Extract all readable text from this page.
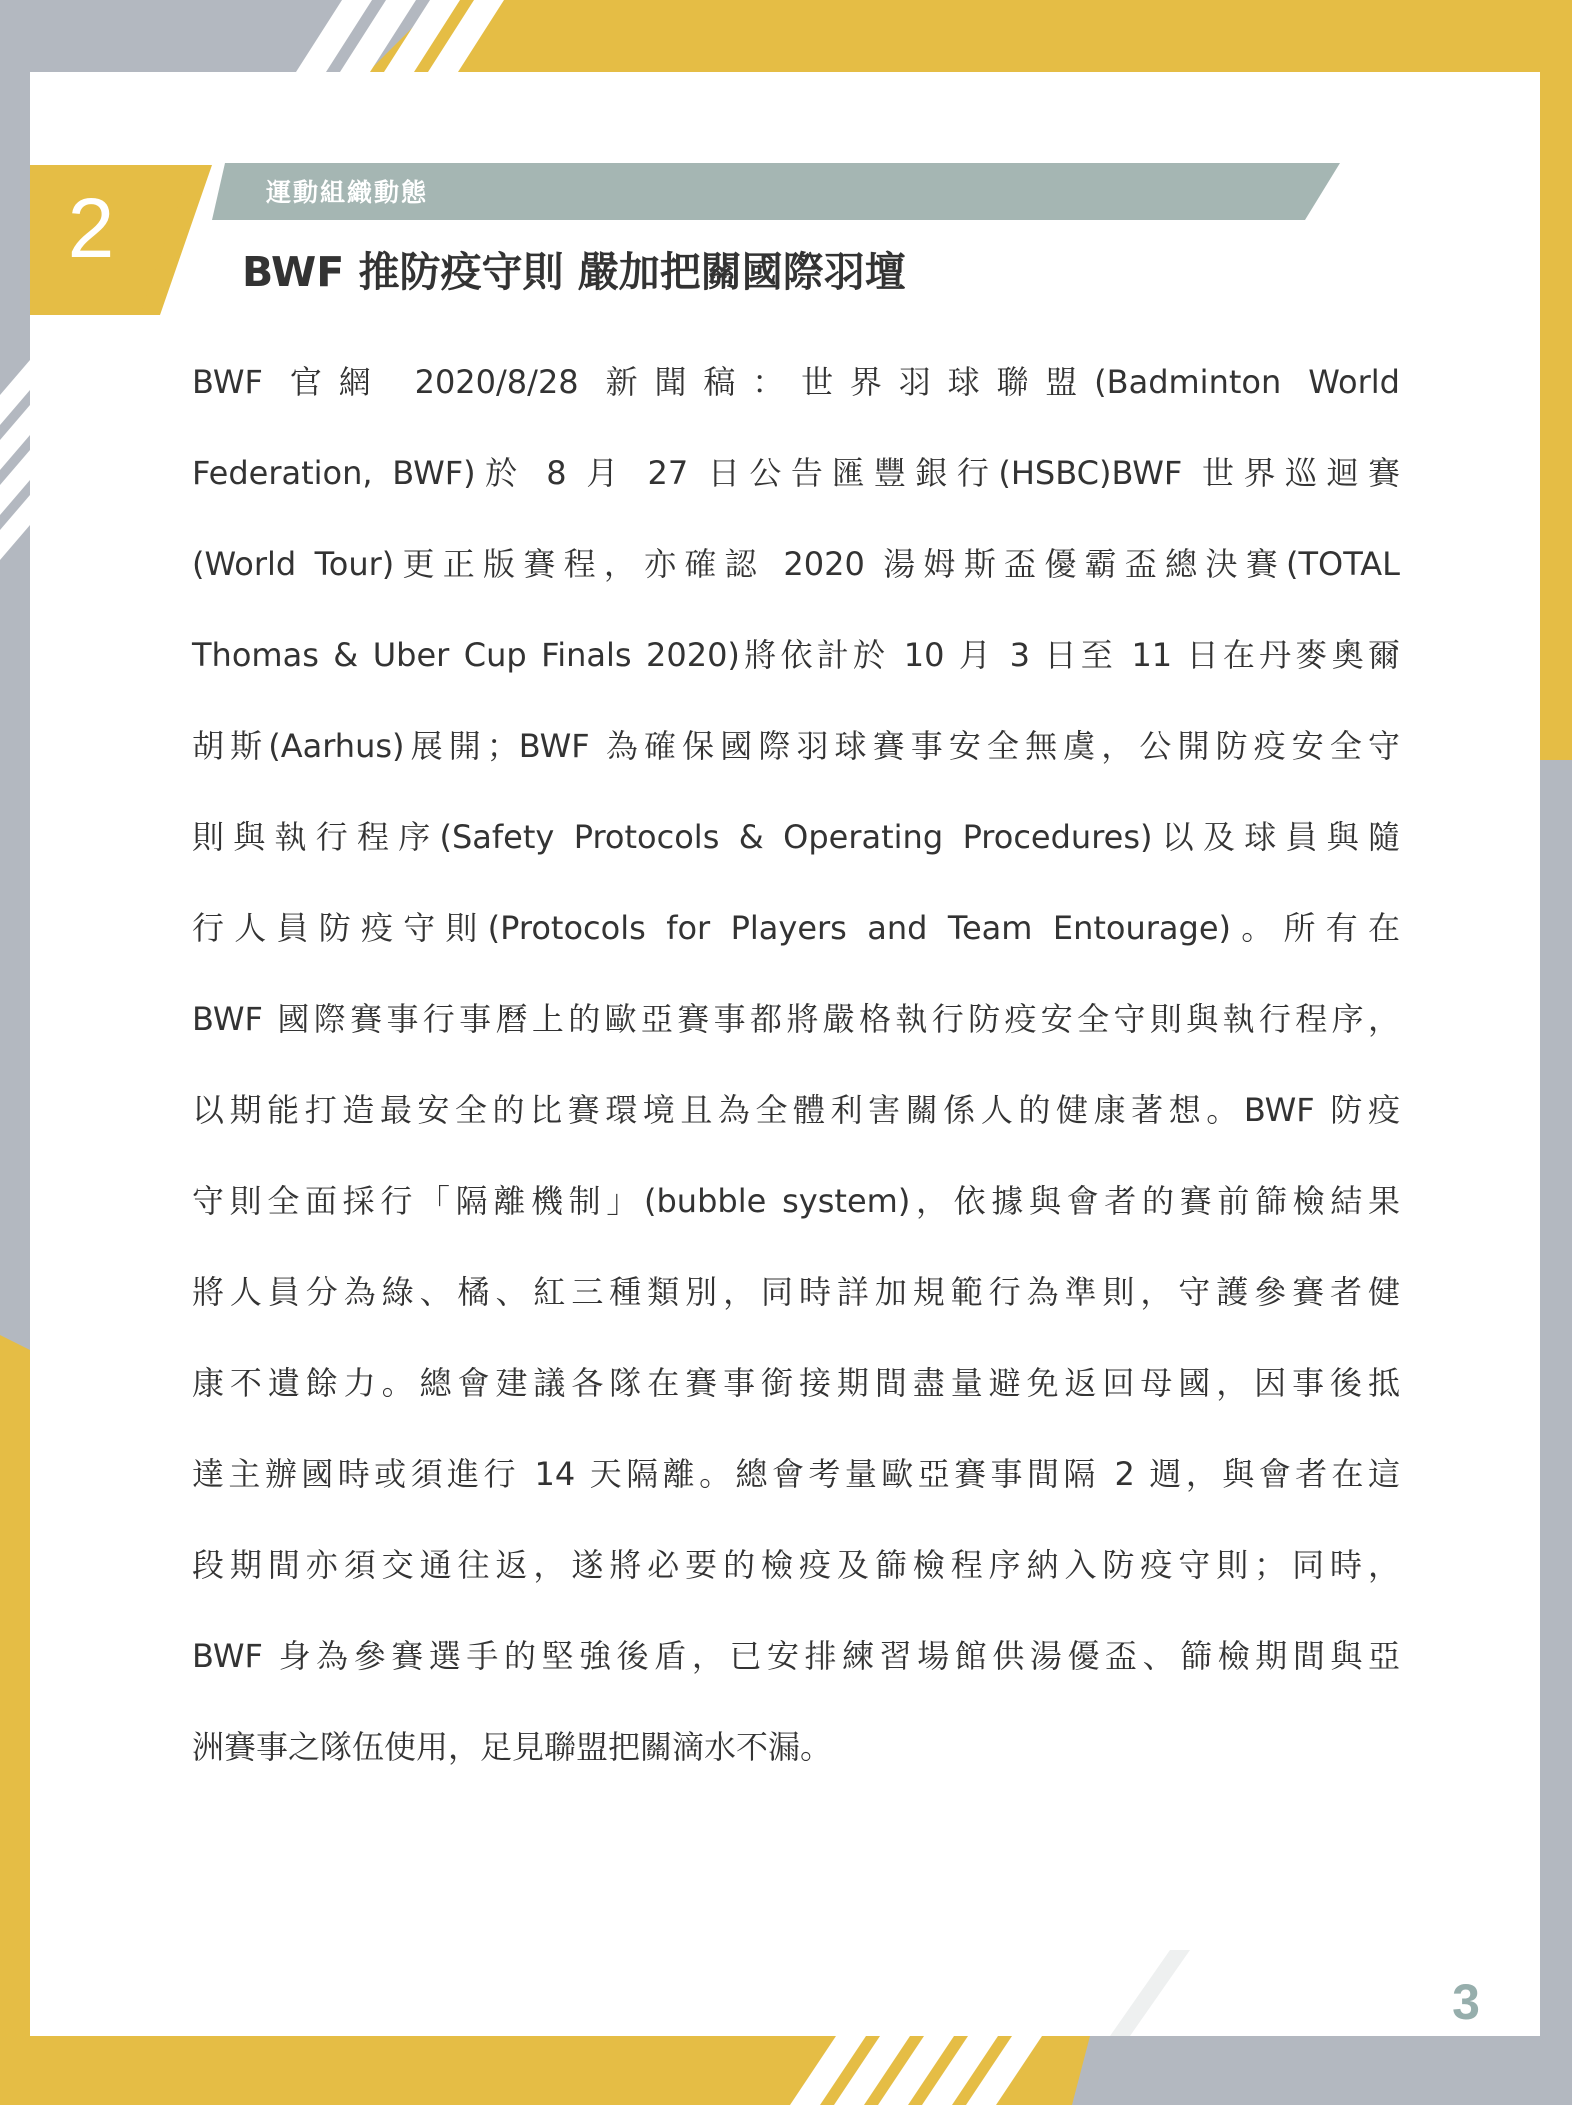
2	運動組織動態
BWF 推防疫守則 嚴加把關國際羽壇
BWF 官網 2020/8/28 新聞稿：世界羽球聯盟(Badminton World
Federation, BWF)於 8 月 27 日公告匯豐銀行(HSBC)BWF 世界巡迴賽
(World Tour)更正版賽程，亦確認 2020 湯姆斯盃優霸盃總決賽(TOTAL
Thomas & Uber Cup Finals 2020)將依計於 10 月 3 日至 11 日在丹麥奧爾
胡斯(Aarhus)展開；BWF 為確保國際羽球賽事安全無虞，公開防疫安全守
則與執行程序(Safety Protocols & Operating Procedures)以及球員與隨
行人員防疫守則(Protocols for Players and Team Entourage)。所有在
BWF 國際賽事行事曆上的歐亞賽事都將嚴格執行防疫安全守則與執行程序，
以期能打造最安全的比賽環境且為全體利害關係人的健康著想。BWF 防疫
守則全面採行「隔離機制」(bubble system)，依據與會者的賽前篩檢結果
將人員分為綠、橘、紅三種類別，同時詳加規範行為準則，守護參賽者健
康不遺餘力。總會建議各隊在賽事銜接期間盡量避免返回母國，因事後抵
達主辦國時或須進行 14 天隔離。總會考量歐亞賽事間隔 2 週，與會者在這
段期間亦須交通往返，遂將必要的檢疫及篩檢程序納入防疫守則；同時，
BWF 身為參賽選手的堅強後盾，已安排練習場館供湯優盃、篩檢期間與亞
洲賽事之隊伍使用，足見聯盟把關滴水不漏。
3
